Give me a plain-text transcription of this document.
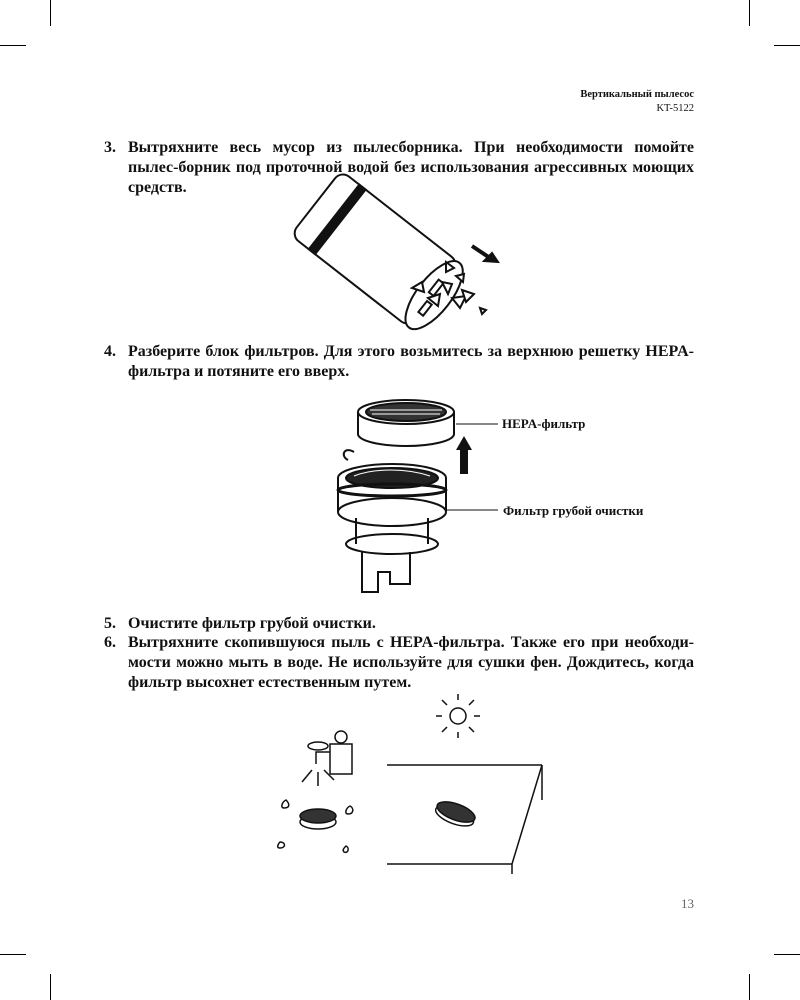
Вертикальный пылесос
KT-5122
3. Вытряхните весь мусор из пылесборника. При необходимости помойте пылес-борник под проточной водой без использования агрессивных моющих средств.
4. Разберите блок фильтров. Для этого возьмитесь за верхнюю решетку HEPA-фильтра и потяните его вверх.
5. Очистите фильтр грубой очистки.
6. Вытряхните скопившуюся пыль с HEPA-фильтра. Также его при необходи-мости можно мыть в воде. Не используйте для сушки фен. Дождитесь, когда фильтр высохнет естественным путем.
HEPA-фильтр
Фильтр грубой очистки
13
